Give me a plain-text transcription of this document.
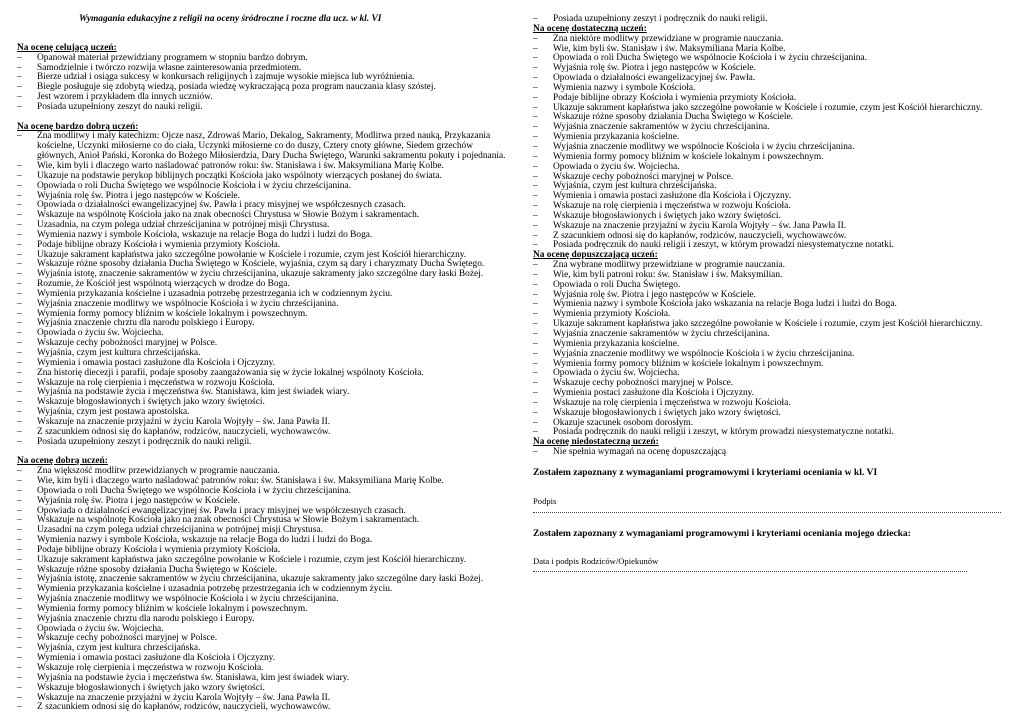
Wymagania edukacyjne z religii na oceny śródroczne i roczne dla ucz. w kl. VI
Na ocenę celującą uczeń:
– Opanował materiał przewidziany programem w stopniu bardzo dobrym.
– Samodzielnie i twórczo rozwija własne zainteresowania przedmiotem.
– Bierze udział i osiąga sukcesy w konkursach religijnych i zajmuje wysokie miejsca lub wyróżnienia.
– Biegle posługuje się zdobytą wiedzą, posiada wiedzę wykraczającą poza program nauczania klasy szóstej.
– Jest wzorem i przykładem dla innych uczniów.
– Posiada uzupełniony zeszyt do nauki religii.
Na ocenę bardzo dobrą uczeń:
– Zna modlitwy i mały katechizm: Ojcze nasz, Zdrowaś Mario, Dekalog, Sakramenty, Modlitwa przed nauką, Przykazania kościelne, Uczynki miłosierne co do ciała, Uczynki miłosierne co do duszy, Cztery cnoty główne, Siedem grzechów głównych, Anioł Pański, Koronka do Bożego Miłosierdzia, Dary Ducha Świętego, Warunki sakramentu pokuty i pojednania.
– Wie, kim byli i dlaczego warto naśladować patronów roku: św. Stanisława i św. Maksymiliana Marię Kolbe.
– Ukazuje na podstawie perykop biblijnych początki Kościoła jako wspólnoty wierzących posłanej do świata.
– Opowiada o roli Ducha Świętego we wspólnocie Kościoła i w życiu chrześcijanina.
– Wyjaśnia rolę św. Piotra i jego następców w Kościele.
– Opowiada o działalności ewangelizacyjnej św. Pawła i pracy misyjnej we współczesnych czasach.
– Wskazuje na wspólnotę Kościoła jako na znak obecności Chrystusa w Słowie Bożym i sakramentach.
– Uzasadnia, na czym polega udział chrześcijanina w potrójnej misji Chrystusa.
– Wymienia nazwy i symbole Kościoła, wskazuje na relacje Boga do ludzi i ludzi do Boga.
– Podaje biblijne obrazy Kościoła i wymienia przymioty Kościoła.
– Ukazuje sakrament kapłaństwa jako szczególne powołanie w Kościele i rozumie, czym jest Kościół hierarchiczny.
– Wskazuje różne sposoby działania Ducha Świętego w Kościele, wyjaśnia, czym są dary i charyzmaty Ducha Świętego.
– Wyjaśnia istotę, znaczenie sakramentów w życiu chrześcijanina, ukazuje sakramenty jako szczególne dary łaski Bożej.
– Rozumie, że Kościół jest wspólnotą wierzących w drodze do Boga.
– Wymienia przykazania kościelne i uzasadnia potrzebę przestrzegania ich w codziennym życiu.
– Wyjaśnia znaczenie modlitwy we wspólnocie Kościoła i w życiu chrześcijanina.
– Wymienia formy pomocy bliźnim w kościele lokalnym i powszechnym.
– Wyjaśnia znaczenie chrztu dla narodu polskiego i Europy.
– Opowiada o życiu św. Wojciecha.
– Wskazuje cechy pobożności maryjnej w Polsce.
– Wyjaśnia, czym jest kultura chrześcijańska.
– Wymienia i omawia postaci zasłużone dla Kościoła i Ojczyzny.
– Zna historię diecezji i parafii, podaje sposoby zaangażowania się w życie lokalnej wspólnoty Kościoła.
– Wskazuje na rolę cierpienia i męczeństwa w rozwoju Kościoła.
– Wyjaśnia na podstawie życia i męczeństwa św. Stanisława, kim jest świadek wiary.
– Wskazuje błogosławionych i świętych jako wzory świętości.
– Wyjaśnia, czym jest postawa apostolska.
– Wskazuje na znaczenie przyjaźni w życiu Karola Wojtyły – św. Jana Pawła II.
– Z szacunkiem odnosi się do kapłanów, rodziców, nauczycieli, wychowawców.
– Posiada uzupełniony zeszyt i podręcznik do nauki religii.
Na ocenę dobrą uczeń:
– Zna większość modlitw przewidzianych w programie nauczania.
– Wie, kim byli i dlaczego warto naśladować patronów roku: św. Stanisława i św. Maksymiliana Marię Kolbe.
– Opowiada o roli Ducha Świętego we wspólnocie Kościoła i w życiu chrześcijanina.
– Wyjaśnia rolę św. Piotra i jego następców w Kościele.
– Opowiada o działalności ewangelizacyjnej św. Pawła i pracy misyjnej we współczesnych czasach.
– Wskazuje na wspólnotę Kościoła jako na znak obecności Chrystusa w Słowie Bożym i sakramentach.
– Uzasadni na czym polega udział chrześcijanina w potrójnej misji Chrystusa.
– Wymienia nazwy i symbole Kościoła, wskazuje na relacje Boga do ludzi i ludzi do Boga.
– Podaje biblijne obrazy Kościoła i wymienia przymioty Kościoła.
– Ukazuje sakrament kapłaństwa jako szczególne powołanie w Kościele i rozumie, czym jest Kościół hierarchiczny.
– Wskazuje różne sposoby działania Ducha Świętego w Kościele.
– Wyjaśnia istotę, znaczenie sakramentów w życiu chrześcijanina, ukazuje sakramenty jako szczególne dary łaski Bożej.
– Wymienia przykazania kościelne i uzasadnia potrzebę przestrzegania ich w codziennym życiu.
– Wyjaśnia znaczenie modlitwy we wspólnocie Kościoła i w życiu chrześcijanina.
– Wymienia formy pomocy bliźnim w kościele lokalnym i powszechnym.
– Wyjaśnia znaczenie chrztu dla narodu polskiego i Europy.
– Opowiada o życiu św. Wojciecha.
– Wskazuje cechy pobożności maryjnej w Polsce.
– Wyjaśnia, czym jest kultura chrześcijańska.
– Wymienia i omawia postaci zasłużone dla Kościoła i Ojczyzny.
– Wskazuje rolę cierpienia i męczeństwa w rozwoju Kościoła.
– Wyjaśnia na podstawie życia i męczeństwa św. Stanisława, kim jest świadek wiary.
– Wskazuje błogosławionych i świętych jako wzory świętości.
– Wskazuje na znaczenie przyjaźni w życiu Karola Wojtyły – św. Jana Pawła II.
– Z szacunkiem odnosi się do kapłanów, rodziców, nauczycieli, wychowawców.
– Posiada uzupełniony zeszyt i podręcznik do nauki religii.
Na ocenę dostateczną uczeń:
– Zna niektóre modlitwy przewidziane w programie nauczania.
– Wie, kim byli św. Stanisław i św. Maksymiliana Maria Kolbe.
– Opowiada o roli Ducha Świętego we wspólnocie Kościoła i w życiu chrześcijanina.
– Wyjaśnia rolę św. Piotra i jego następców w Kościele.
– Opowiada o działalności ewangelizacyjnej św. Pawła.
– Wymienia nazwy i symbole Kościoła.
– Podaje biblijne obrazy Kościoła i wymienia przymioty Kościoła.
– Ukazuje sakrament kapłaństwa jako szczególne powołanie w Kościele i rozumie, czym jest Kościół hierarchiczny.
– Wskazuje różne sposoby działania Ducha Świętego w Kościele.
– Wyjaśnia znaczenie sakramentów w życiu chrześcijanina.
– Wymienia przykazania kościelne.
– Wyjaśnia znaczenie modlitwy we wspólnocie Kościoła i w życiu chrześcijanina.
– Wymienia formy pomocy bliźnim w kościele lokalnym i powszechnym.
– Opowiada o życiu św. Wojciecha.
– Wskazuje cechy pobożności maryjnej w Polsce.
– Wyjaśnia, czym jest kultura chrześcijańska.
– Wymienia i omawia postaci zasłużone dla Kościoła i Ojczyzny.
– Wskazuje na rolę cierpienia i męczeństwa w rozwoju Kościoła.
– Wskazuje błogosławionych i świętych jako wzory świętości.
– Wskazuje na znaczenie przyjaźni w życiu Karola Wojtyły – św. Jana Pawła II.
– Z szacunkiem odnosi się do kapłanów, rodziców, nauczycieli, wychowawców.
– Posiada podręcznik do nauki religii i zeszyt, w którym prowadzi niesystematyczne notatki.
Na ocenę dopuszczającą uczeń:
– Zna wybrane modlitwy przewidziane w programie nauczania.
– Wie, kim byli patroni roku: św. Stanisław i św. Maksymilian.
– Opowiada o roli Ducha Świętego.
– Wyjaśnia rolę św. Piotra i jego następców w Kościele.
– Wymienia nazwy i symbole Kościoła jako wskazania na relacje Boga ludzi i ludzi do Boga.
– Wymienia przymioty Kościoła.
– Ukazuje sakrament kapłaństwa jako szczególne powołanie w Kościele i rozumie, czym jest Kościół hierarchiczny.
– Wyjaśnia znaczenie sakramentów w życiu chrześcijanina.
– Wymienia przykazania kościelne.
– Wyjaśnia znaczenie modlitwy we wspólnocie Kościoła i w życiu chrześcijanina.
– Wymienia formy pomocy bliźnim w kościele lokalnym i powszechnym.
– Opowiada o życiu św. Wojciecha.
– Wskazuje cechy pobożności maryjnej w Polsce.
– Wymienia postaci zasłużone dla Kościoła i Ojczyzny.
– Wskazuje na rolę cierpienia i męczeństwa w rozwoju Kościoła.
– Wskazuje błogosławionych i świętych jako wzory świętości.
– Okazuje szacunek osobom dorosłym.
– Posiada podręcznik do nauki religii i zeszyt, w którym prowadzi niesystematyczne notatki.
Na ocenę niedostateczną uczeń:
– Nie spełnia wymagań na ocenę dopuszczającą
Zostałem zapoznany z wymaganiami programowymi i kryteriami oceniania w kl. VI
Podpis
Zostałem zapoznany z wymaganiami programowymi i kryteriami oceniania mojego dziecka:
Data i podpis Rodziców/Opiekunów
